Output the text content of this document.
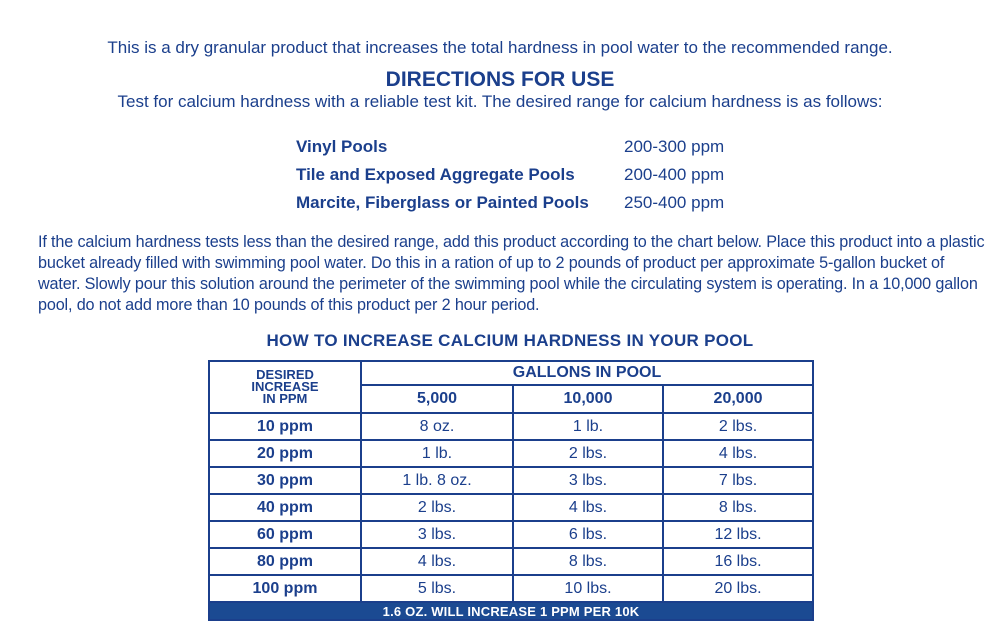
This is a dry granular product that increases the total hardness in pool water to the recommended range.

DIRECTIONS FOR USE

Test for calcium hardness with a reliable test kit. The desired range for calcium hardness is as follows:

Vinyl Pools	200-300 ppm
Tile and Exposed Aggregate Pools	200-400 ppm
Marcite, Fiberglass or Painted Pools	250-400 ppm

If the calcium hardness tests less than the desired range, add this product according to the chart below. Place this product into a plastic bucket already filled with swimming pool water. Do this in a ration of up to 2 pounds of product per approximate 5-gallon bucket of water. Slowly pour this solution around the perimeter of the swimming pool while the circulating system is operating. In a 10,000 gallon pool, do not add more than 10 pounds of this product per 2 hour period.

HOW TO INCREASE CALCIUM HARDNESS IN YOUR POOL

DESIRED
INCREASE
IN PPM	GALLONS IN POOL		
	5,000	10,000	20,000
10 ppm	8 oz.	1 lb.	2 lbs.
20 ppm	1 lb.	2 lbs.	4 lbs.
30 ppm	1 lb. 8 oz.	3 lbs.	7 lbs.
40 ppm	2 lbs.	4 lbs.	8 lbs.
60 ppm	3 lbs.	6 lbs.	12 lbs.
80 ppm	4 lbs.	8 lbs.	16 lbs.
100 ppm	5 lbs.	10 lbs.	20 lbs.
1.6 OZ. WILL INCREASE 1 PPM PER 10K			
